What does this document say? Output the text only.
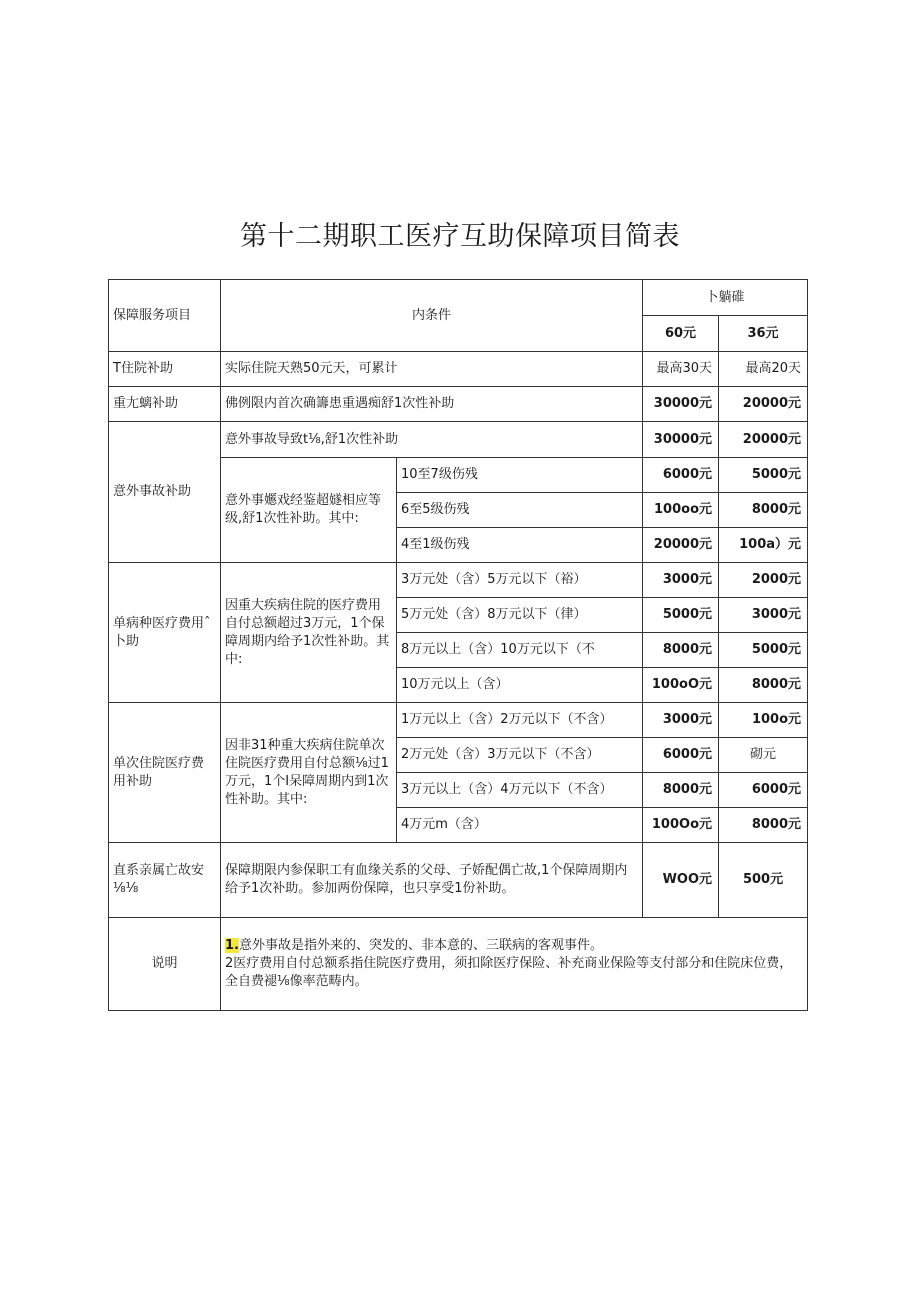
第十二期职工医疗互助保障项目简表
保障服务项目	内条件		卜躺碓	
			60元	36元
T住院补助	实际住院天熟50元天，可累计		最高30天	最高20天
重尢螭补助	佛例限内首次确籌患重遇痴舒1次性补助		30000元	20000元
意外事故补助	意外事故导致t⅛,舒1次性补助		30000元	20000元
	意外事嬺戏经鉴超嬘相应等级,舒1次性补助。其中:	10至7级伤残	6000元	5000元
		6至5级伤残	100oo元	8000元
		4至1级伤残	20000元	100a）元
单病种医疗费用ˆ卜助	因重大疾病住院的医疗费用自付总额超过3万元，1个保障周期内给予1次性补助。其中:	3万元处（含）5万元以下（裕）	3000元	2000元
		5万元处（含）8万元以下（律）	5000元	3000元
		8万元以上（含）10万元以下（不	8000元	5000元
		10万元以上（含）	100oO元	8000元
单次住院医疗费用补助	因非31种重大疾病住院单次住院医疗费用自付总额⅛过1万元，1个I呆障周期内到1次性补助。其中:	1万元以上（含）2万元以下（不含）	3000元	100o元
		2万元处（含）3万元以下（不含）	6000元	砌元
		3万元以上（含）4万元以下（不含）	8000元	6000元
		4万元m（含）	100Oo元	8000元
直系亲属亡故安⅛⅛	保障期限内参保职工有血缘关系的父母、子娇配偶亡故,1个保障周期内给予1次补助。参加两份保障，也只享受1份补助。		WOO元	500元
说明	1.意外事故是指外来的、突发的、非本意的、三联病的客观事件。
2医疗费用自付总额系指住院医疗费用，须扣除医疗保险、补充商业保险等支付部分和住院床位费，全自费褪⅛像率范畴内。			
